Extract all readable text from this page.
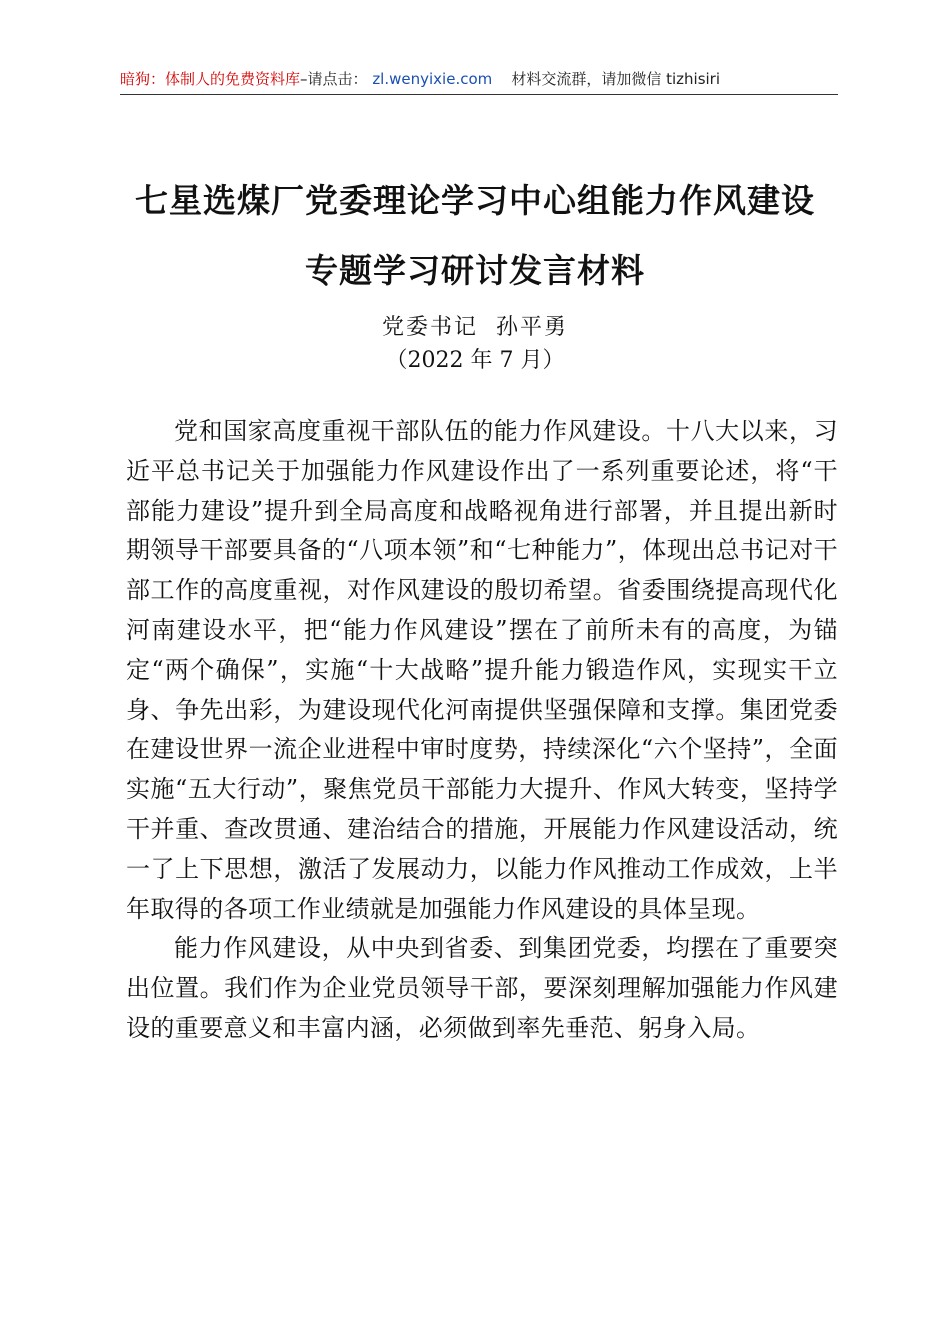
暗狗：体制人的免费资料库–请点击： zl.wenyixie.com 材料交流群，请加微信 tizhisiri
七星选煤厂党委理论学习中心组能力作风建设
专题学习研讨发言材料
党委书记  孙平勇
（2022 年 7 月）

党和国家高度重视干部队伍的能力作风建设。十八大以来，习近平总书记关于加强能力作风建设作出了一系列重要论述，将“干部能力建设”提升到全局高度和战略视角进行部署，并且提出新时期领导干部要具备的“八项本领”和“七种能力”，体现出总书记对干部工作的高度重视，对作风建设的殷切希望。省委围绕提高现代化河南建设水平，把“能力作风建设”摆在了前所未有的高度，为锚定“两个确保”，实施“十大战略”提升能力锻造作风，实现实干立身、争先出彩，为建设现代化河南提供坚强保障和支撑。集团党委在建设世界一流企业进程中审时度势，持续深化“六个坚持”，全面实施“五大行动”，聚焦党员干部能力大提升、作风大转变，坚持学干并重、查改贯通、建治结合的措施，开展能力作风建设活动，统一了上下思想，激活了发展动力，以能力作风推动工作成效，上半年取得的各项工作业绩就是加强能力作风建设的具体呈现。

能力作风建设，从中央到省委、到集团党委，均摆在了重要突出位置。我们作为企业党员领导干部，要深刻理解加强能力作风建设的重要意义和丰富内涵，必须做到率先垂范、躬身入局。
